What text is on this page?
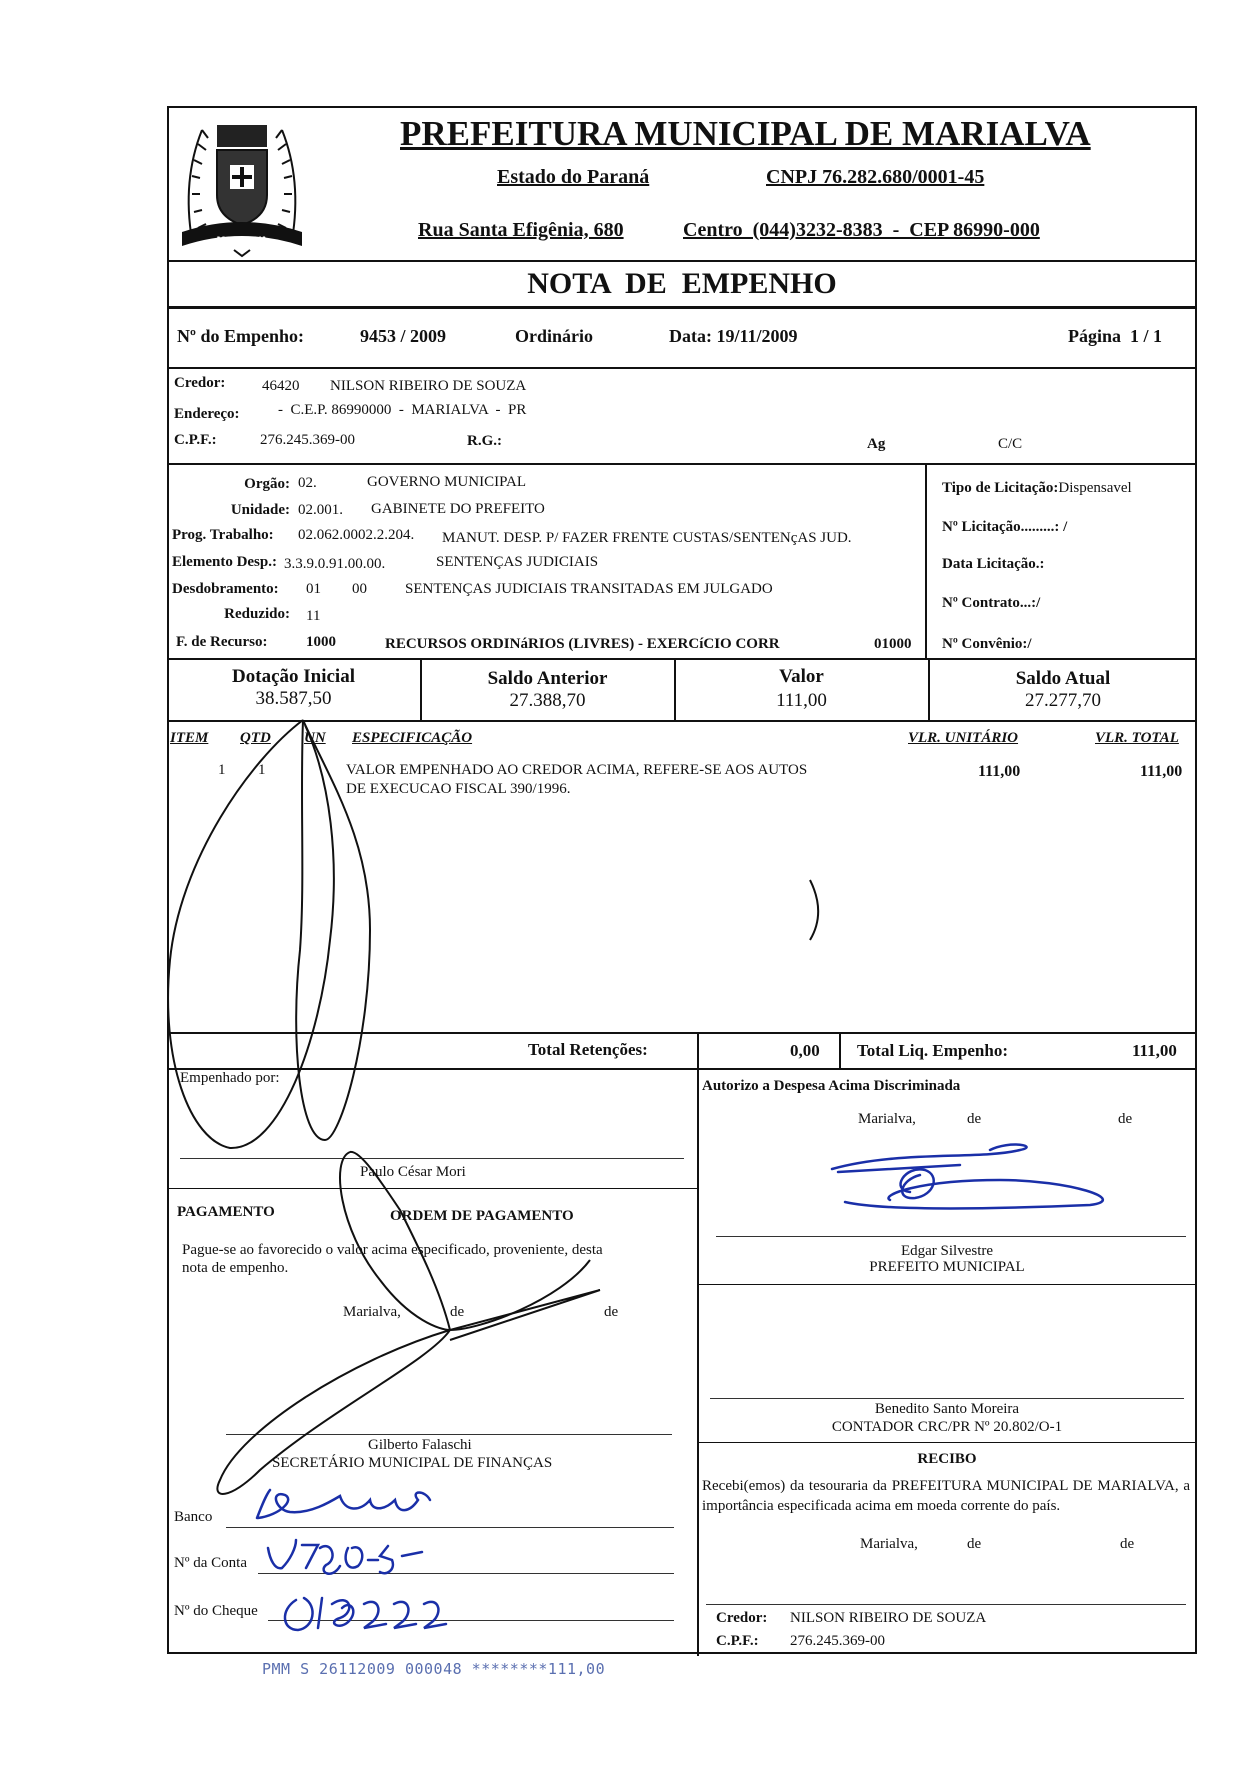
MARIALVA
PREFEITURA MUNICIPAL DE MARIALVA
Estado do Paraná	CNPJ 76.282.680/0001-45
Rua Santa Efigênia, 680	Centro  (044)3232-8383  -  CEP 86990-000
NOTA  DE  EMPENHO
Nº do Empenho:	9453 / 2009	Ordinário	Data: 19/11/2009	Página  1 / 1
Credor: 46420 NILSON RIBEIRO DE SOUZA
Endereço:	-  C.E.P. 86990000  -  MARIALVA  -  PR
C.P.F.:	276.245.369-00	R.G.:	Ag	C/C
Orgão: 02.	GOVERNO MUNICIPAL
Unidade: 02.001. GABINETE DO PREFEITO
Prog. Trabalho: 02.062.0002.2.204. MANUT. DESP. P/ FAZER FRENTE CUSTAS/SENTENçAS JUD.
Elemento Desp.: 3.3.9.0.91.00.00.	SENTENÇAS JUDICIAIS
Desdobramento: 01 00	SENTENÇAS JUDICIAIS TRANSITADAS EM JULGADO
Reduzido: 11
F. de Recurso:	1000	RECURSOS ORDINáRIOS (LIVRES) - EXERCíCIO CORR	01000
Tipo de Licitação:Dispensavel
Nº Licitação.........: /
Data Licitação.:
Nº Contrato...:/
Nº Convênio:/
Dotação Inicial
38.587,50
Saldo Anterior
27.388,70
Valor
111,00
Saldo Atual
27.277,70
ITEM QTD UN ESPECIFICAÇÃO	VLR. UNITÁRIO	VLR. TOTAL
1 1	VALOR EMPENHADO AO CREDOR ACIMA, REFERE-SE AOS AUTOS
DE EXECUCAO FISCAL 390/1996.
111,00	111,00
Total Retenções:	0,00 Total Liq. Empenho:	111,00
Empenhado por:
Paulo César Mori
Autorizo a Despesa Acima Discriminada
Marialva,	de	de
Edgar Silvestre
PREFEITO MUNICIPAL
PAGAMENTO	ORDEM DE PAGAMENTO
Pague-se ao favorecido o valor acima especificado, proveniente, desta
nota de empenho.
Marialva,	de	de
Gilberto Falaschi
SECRETÁRIO MUNICIPAL DE FINANÇAS
Banco
Nº da Conta
Nº do Cheque
Benedito Santo Moreira
CONTADOR CRC/PR Nº 20.802/O-1
RECIBO
Recebi(emos) da tesouraria da PREFEITURA MUNICIPAL DE MARIALVA, a importância especificada acima em moeda corrente do país.
Marialva,	de	de
Credor: NILSON RIBEIRO DE SOUZA
C.P.F.: 276.245.369-00
PMM S 26112009 000048 ********111,00
